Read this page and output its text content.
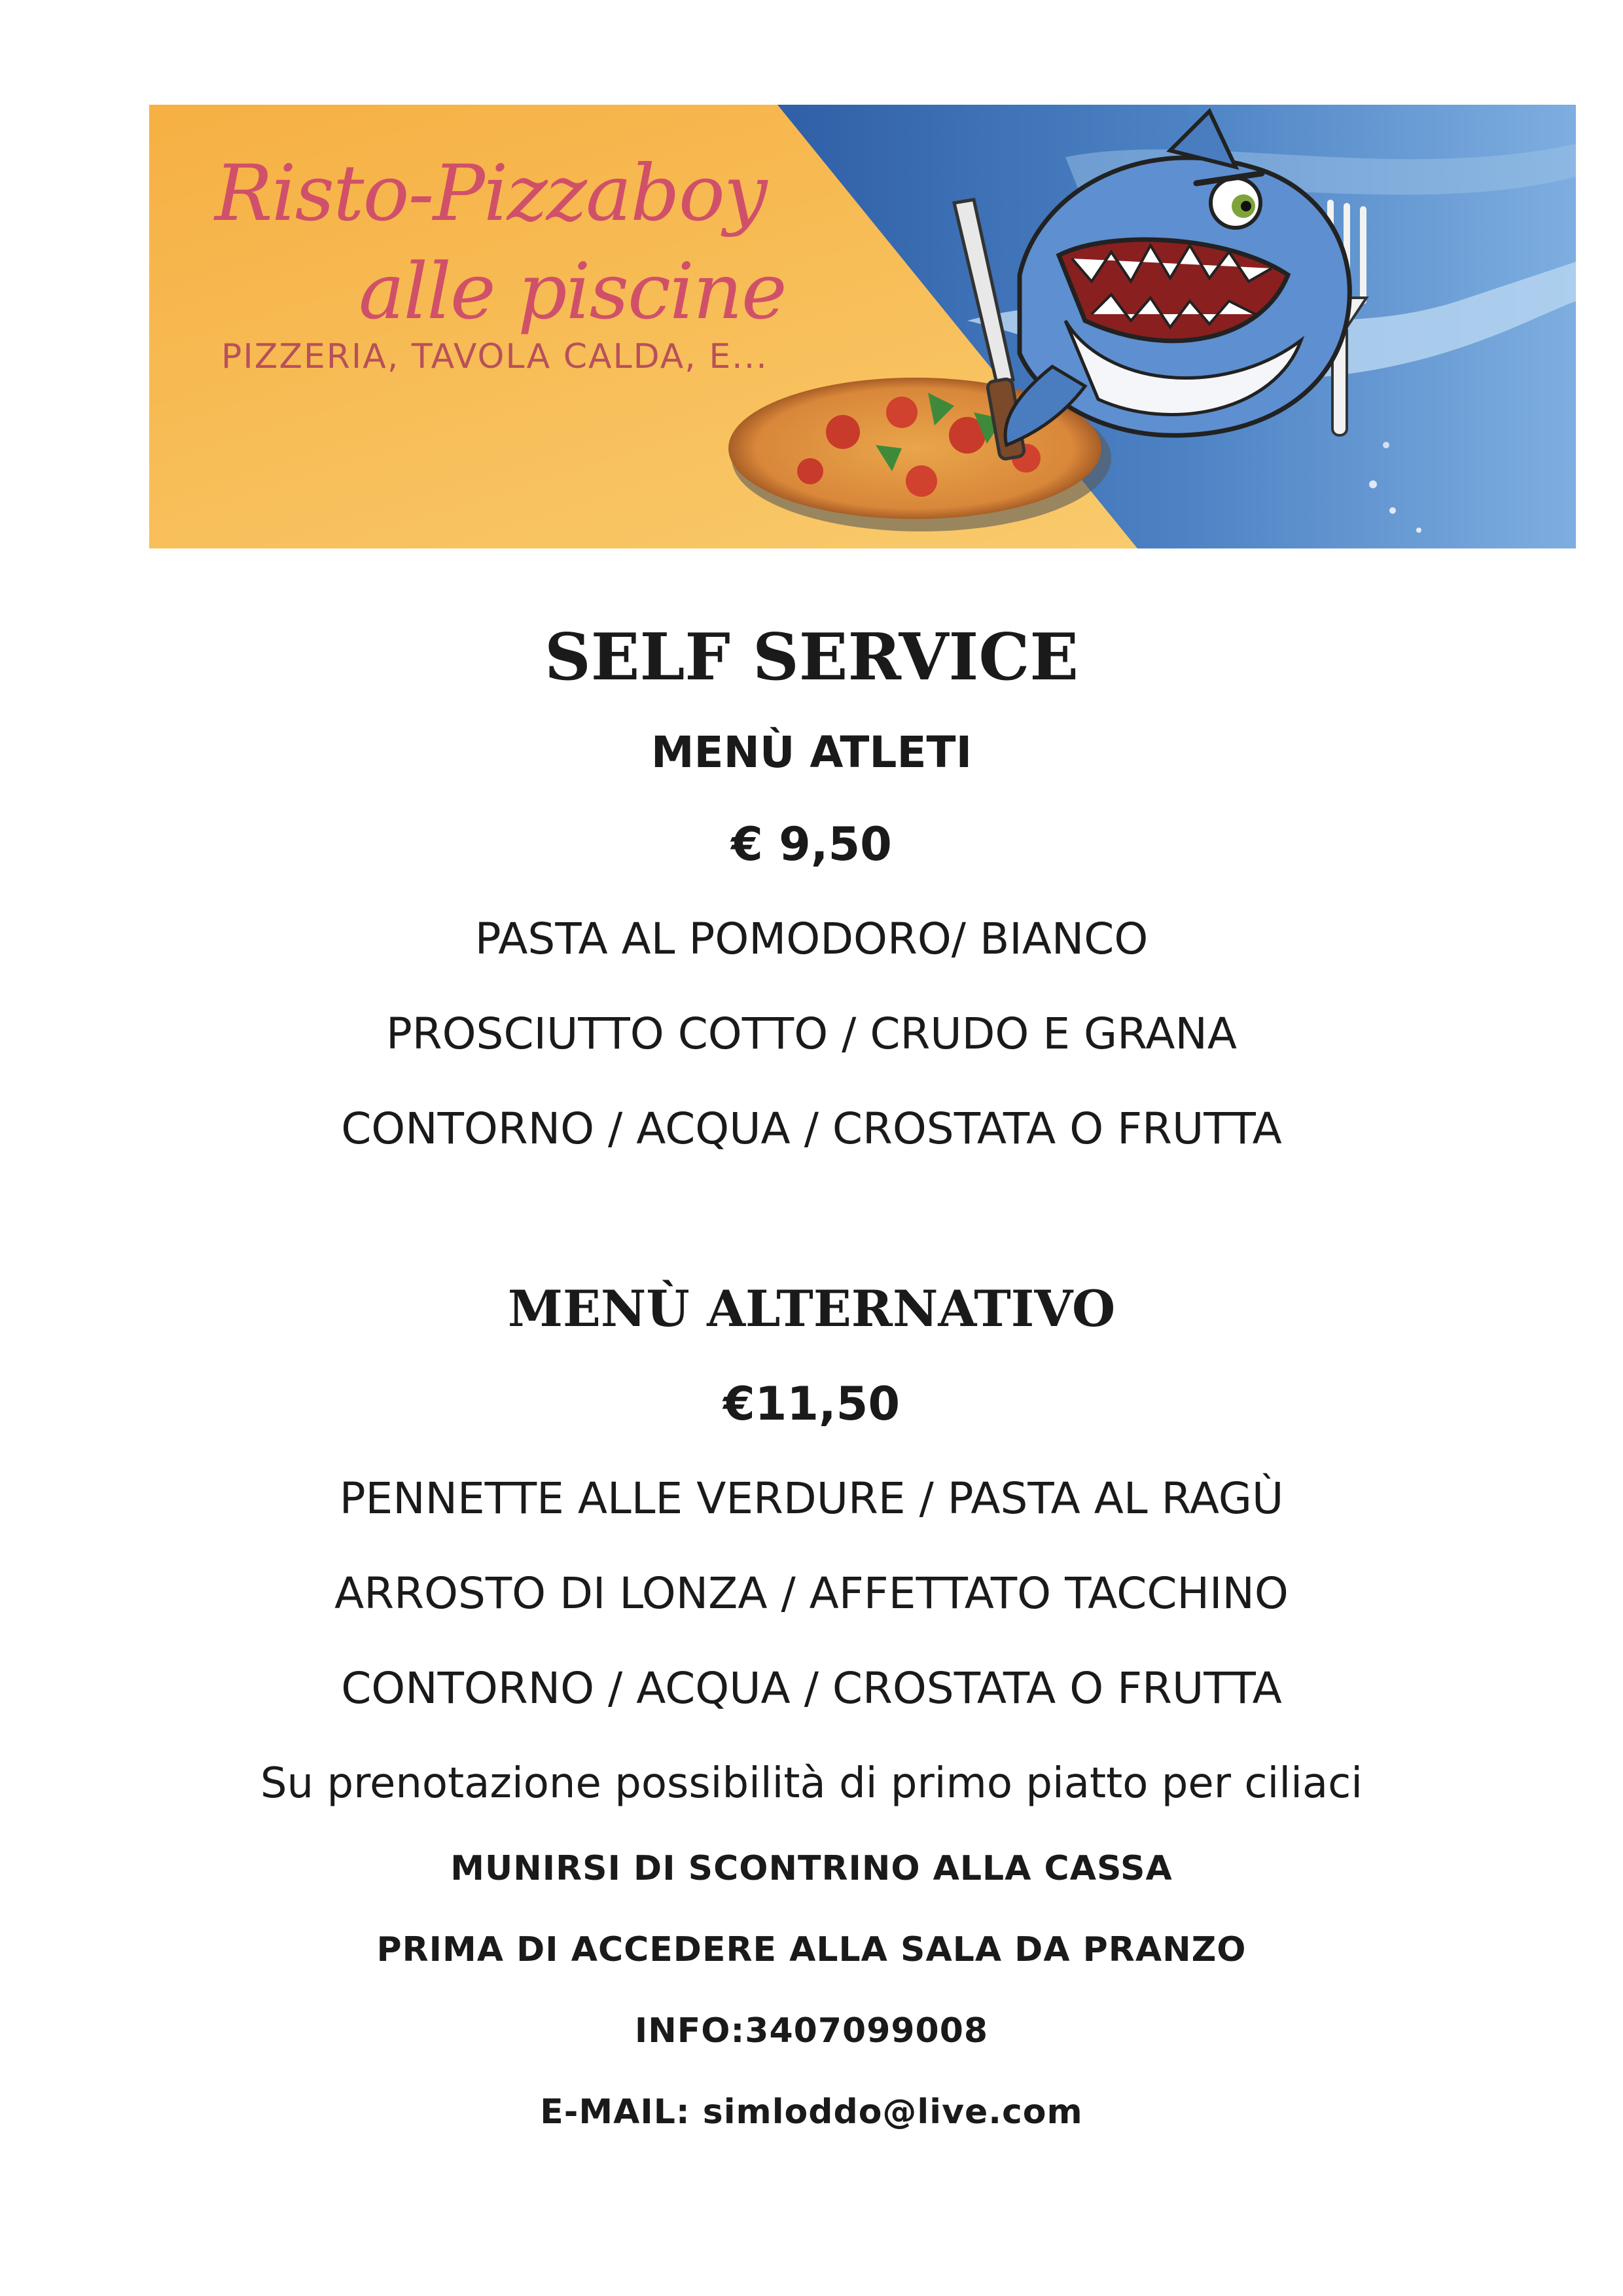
Risto-Pizzaboy
alle piscine
PIZZERIA, TAVOLA CALDA, E...
SELF SERVICE
MENÙ ATLETI
€ 9,50
PASTA AL POMODORO/ BIANCO
PROSCIUTTO COTTO / CRUDO E GRANA
CONTORNO / ACQUA / CROSTATA O FRUTTA
MENÙ ALTERNATIVO
€11,50
PENNETTE ALLE VERDURE / PASTA AL RAGÙ
ARROSTO DI LONZA / AFFETTATO TACCHINO
CONTORNO / ACQUA / CROSTATA O FRUTTA
Su prenotazione possibilità di primo piatto per ciliaci
MUNIRSI DI SCONTRINO ALLA CASSA
PRIMA DI ACCEDERE ALLA SALA DA PRANZO
INFO:3407099008
E-MAIL: simloddo@live.com
